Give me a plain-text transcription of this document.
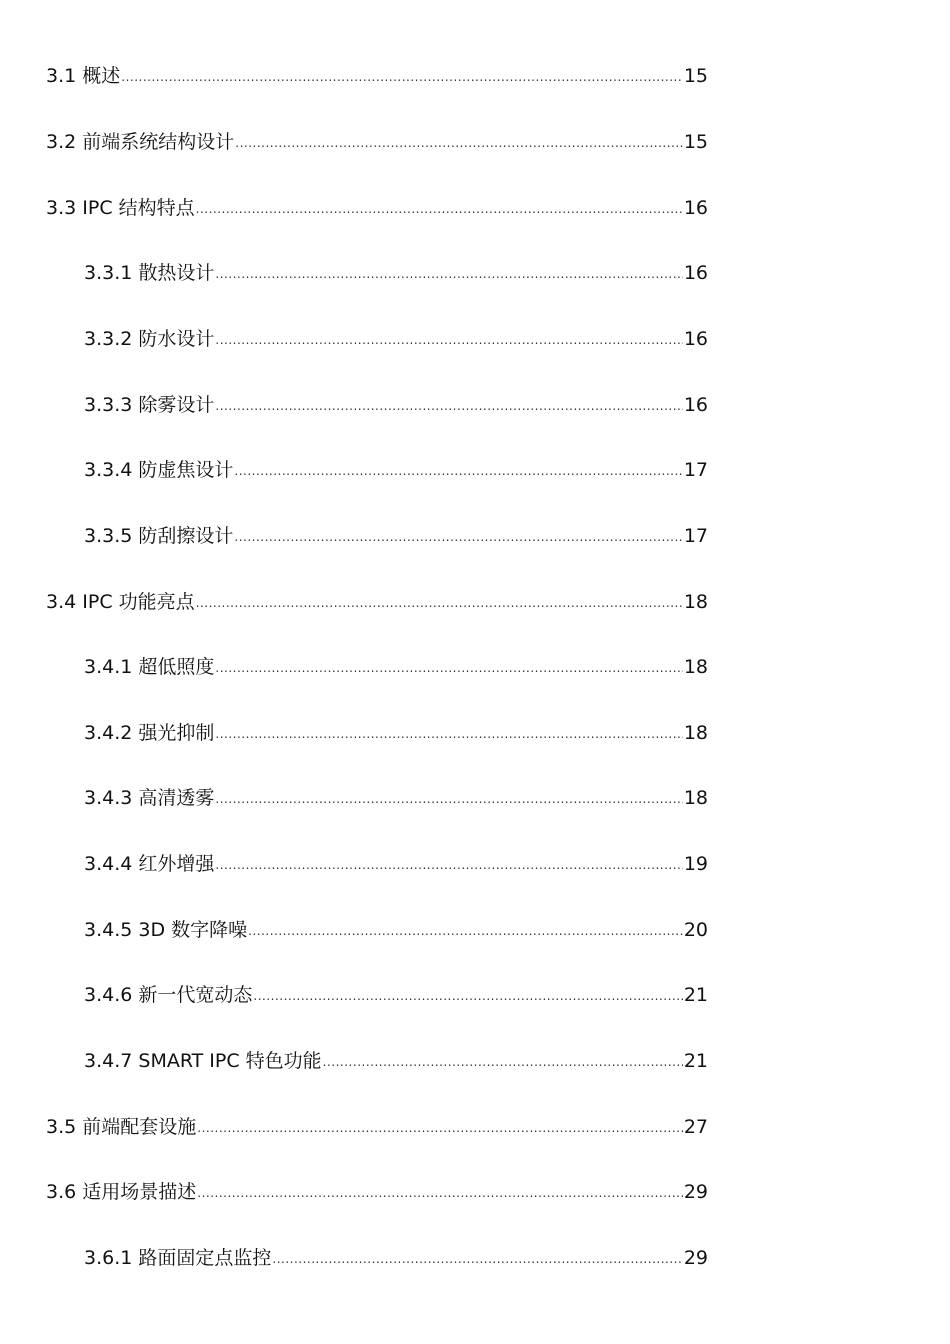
3.1 概述 .....	15
3.2 前端系统结构设计 .....	15
3.3 IPC 结构特点 .....	16
3.3.1 散热设计 .....	16
3.3.2 防水设计 .....	16
3.3.3 除雾设计 .....	16
3.3.4 防虚焦设计 .....	17
3.3.5 防刮擦设计 .....	17
3.4 IPC 功能亮点 .....	18
3.4.1 超低照度 .....	18
3.4.2 强光抑制 .....	18
3.4.3 高清透雾 .....	18
3.4.4 红外增强 .....	19
3.4.5 3D 数字降噪 .....	20
3.4.6 新一代宽动态 .....	21
3.4.7 SMART IPC 特色功能 .....	21
3.5 前端配套设施 .....	27
3.6 适用场景描述 .....	29
3.6.1 路面固定点监控 .....	29
